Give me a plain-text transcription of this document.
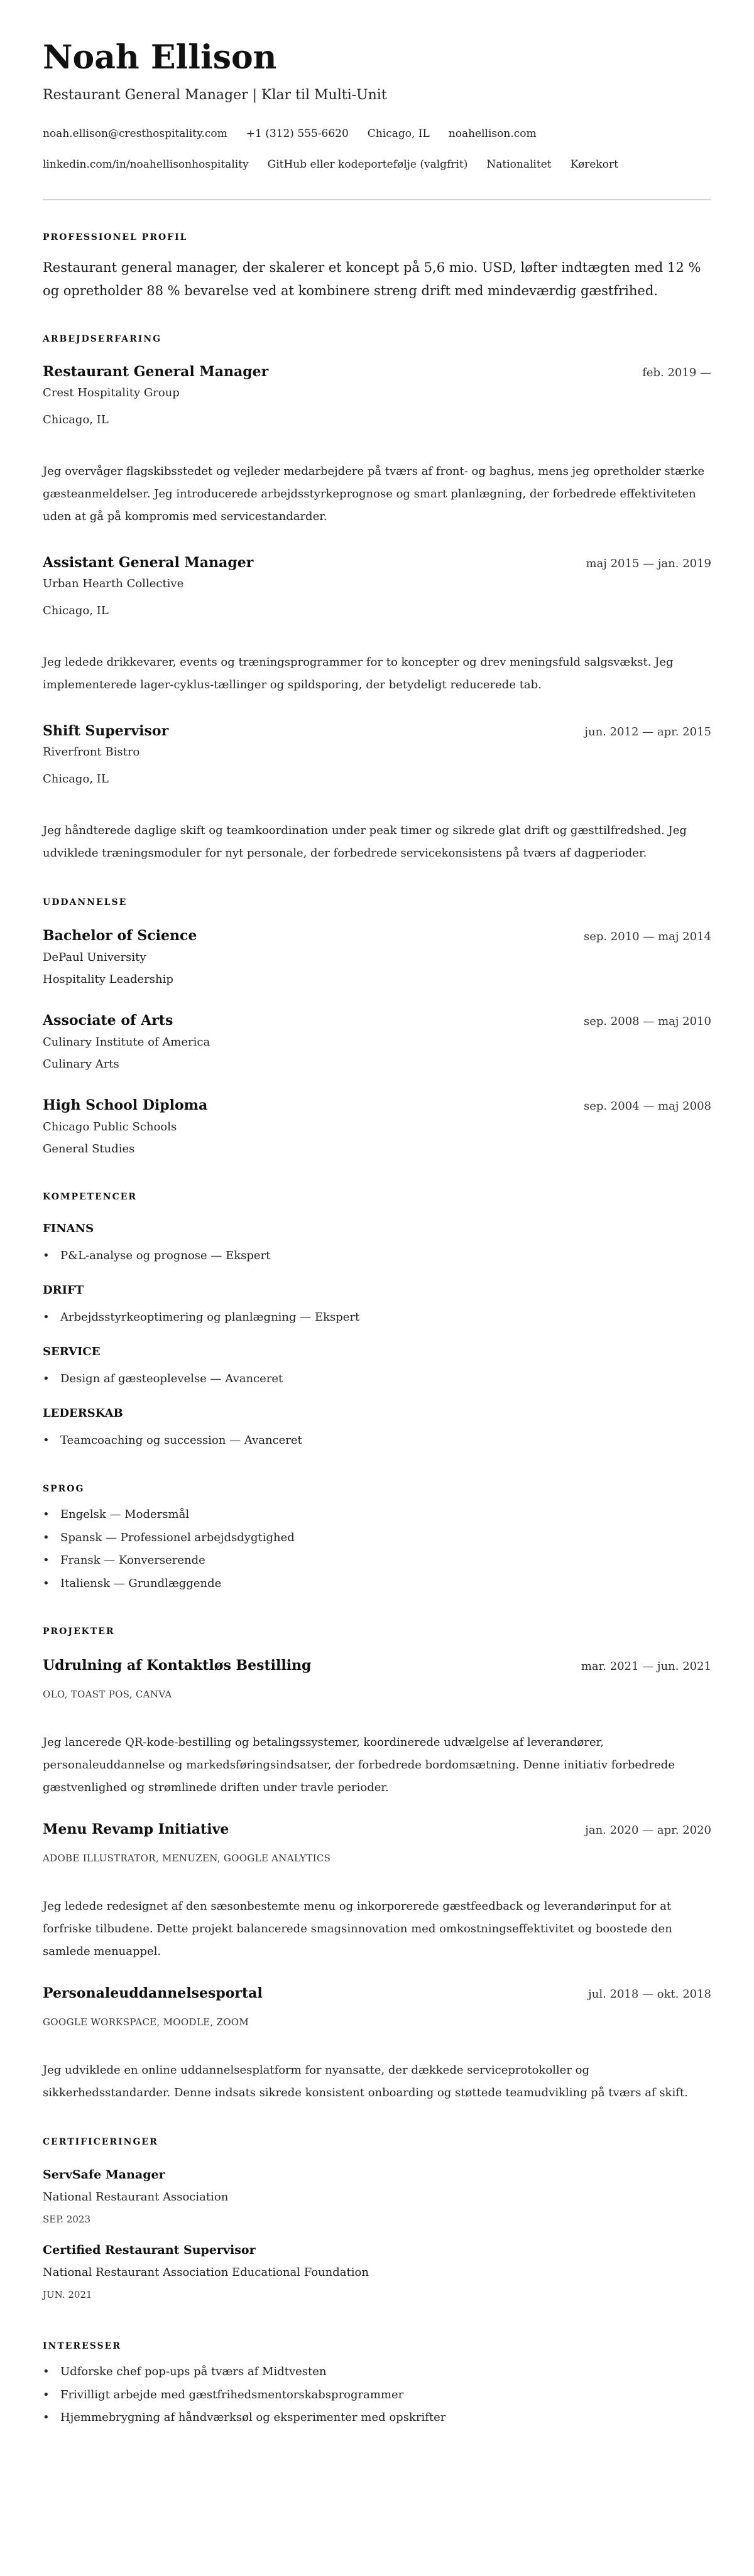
Noah Ellison
Restaurant General Manager | Klar til Multi-Unit
noah.ellison@cresthospitality.com +1 (312) 555-6620 Chicago, IL noahellison.com
linkedin.com/in/noahellisonhospitality GitHub eller kodeportefølje (valgfrit) Nationalitet Kørekort
PROFESSIONEL PROFIL

Restaurant general manager, der skalerer et koncept på 5,6 mio. USD, løfter indtægten med 12 % og opretholder 88 % bevarelse ved at kombinere streng drift med mindeværdig gæstfrihed.

ARBEJDSERFARING
Restaurant General Manager	feb. 2019 —
Crest Hospitality Group
Chicago, IL
Jeg overvåger flagskibsstedet og vejleder medarbejdere på tværs af front- og baghus, mens jeg opretholder stærke gæsteanmeldelser. Jeg introducerede arbejdsstyrkeprognose og smart planlægning, der forbedrede effektiviteten uden at gå på kompromis med servicestandarder.
Assistant General Manager	maj 2015 — jan. 2019
Urban Hearth Collective
Chicago, IL
Jeg ledede drikkevarer, events og træningsprogrammer for to koncepter og drev meningsfuld salgsvækst. Jeg implementerede lager-cyklus-tællinger og spildsporing, der betydeligt reducerede tab.
Shift Supervisor	jun. 2012 — apr. 2015
Riverfront Bistro
Chicago, IL
Jeg håndterede daglige skift og teamkoordination under peak timer og sikrede glat drift og gæsttilfredshed. Jeg udviklede træningsmoduler for nyt personale, der forbedrede servicekonsistens på tværs af dagperioder.
UDDANNELSE
Bachelor of Science	sep. 2010 — maj 2014
DePaul University
Hospitality Leadership
Associate of Arts	sep. 2008 — maj 2010
Culinary Institute of America
Culinary Arts
High School Diploma	sep. 2004 — maj 2008
Chicago Public Schools
General Studies
KOMPETENCER
FINANS
• P&L-analyse og prognose — Ekspert
DRIFT
• Arbejdsstyrkeoptimering og planlægning — Ekspert
SERVICE
• Design af gæsteoplevelse — Avanceret
LEDERSKAB
• Teamcoaching og succession — Avanceret
SPROG
• Engelsk — Modersmål
• Spansk — Professionel arbejdsdygtighed
• Fransk — Konverserende
• Italiensk — Grundlæggende
PROJEKTER
Udrulning af Kontaktløs Bestilling	mar. 2021 — jun. 2021
OLO, TOAST POS, CANVA
Jeg lancerede QR-kode-bestilling og betalingssystemer, koordinerede udvælgelse af leverandører, personaleuddannelse og markedsføringsindsatser, der forbedrede bordomsætning. Denne initiativ forbedrede gæstvenlighed og strømlinede driften under travle perioder.
Menu Revamp Initiative	jan. 2020 — apr. 2020
ADOBE ILLUSTRATOR, MENUZEN, GOOGLE ANALYTICS
Jeg ledede redesignet af den sæsonbestemte menu og inkorporerede gæstfeedback og leverandørinput for at forfriske tilbudene. Dette projekt balancerede smagsinnovation med omkostningseffektivitet og boostede den samlede menuappel.
Personaleuddannelsesportal	jul. 2018 — okt. 2018
GOOGLE WORKSPACE, MOODLE, ZOOM
Jeg udviklede en online uddannelsesplatform for nyansatte, der dækkede serviceprotokoller og sikkerhedsstandarder. Denne indsats sikrede konsistent onboarding og støttede teamudvikling på tværs af skift.
CERTIFICERINGER
ServSafe Manager
National Restaurant Association
SEP. 2023
Certified Restaurant Supervisor
National Restaurant Association Educational Foundation
JUN. 2021
INTERESSER
• Udforske chef pop-ups på tværs af Midtvesten
• Frivilligt arbejde med gæstfrihedsmentorskabsprogrammer
• Hjemmebrygning af håndværksøl og eksperimenter med opskrifter
